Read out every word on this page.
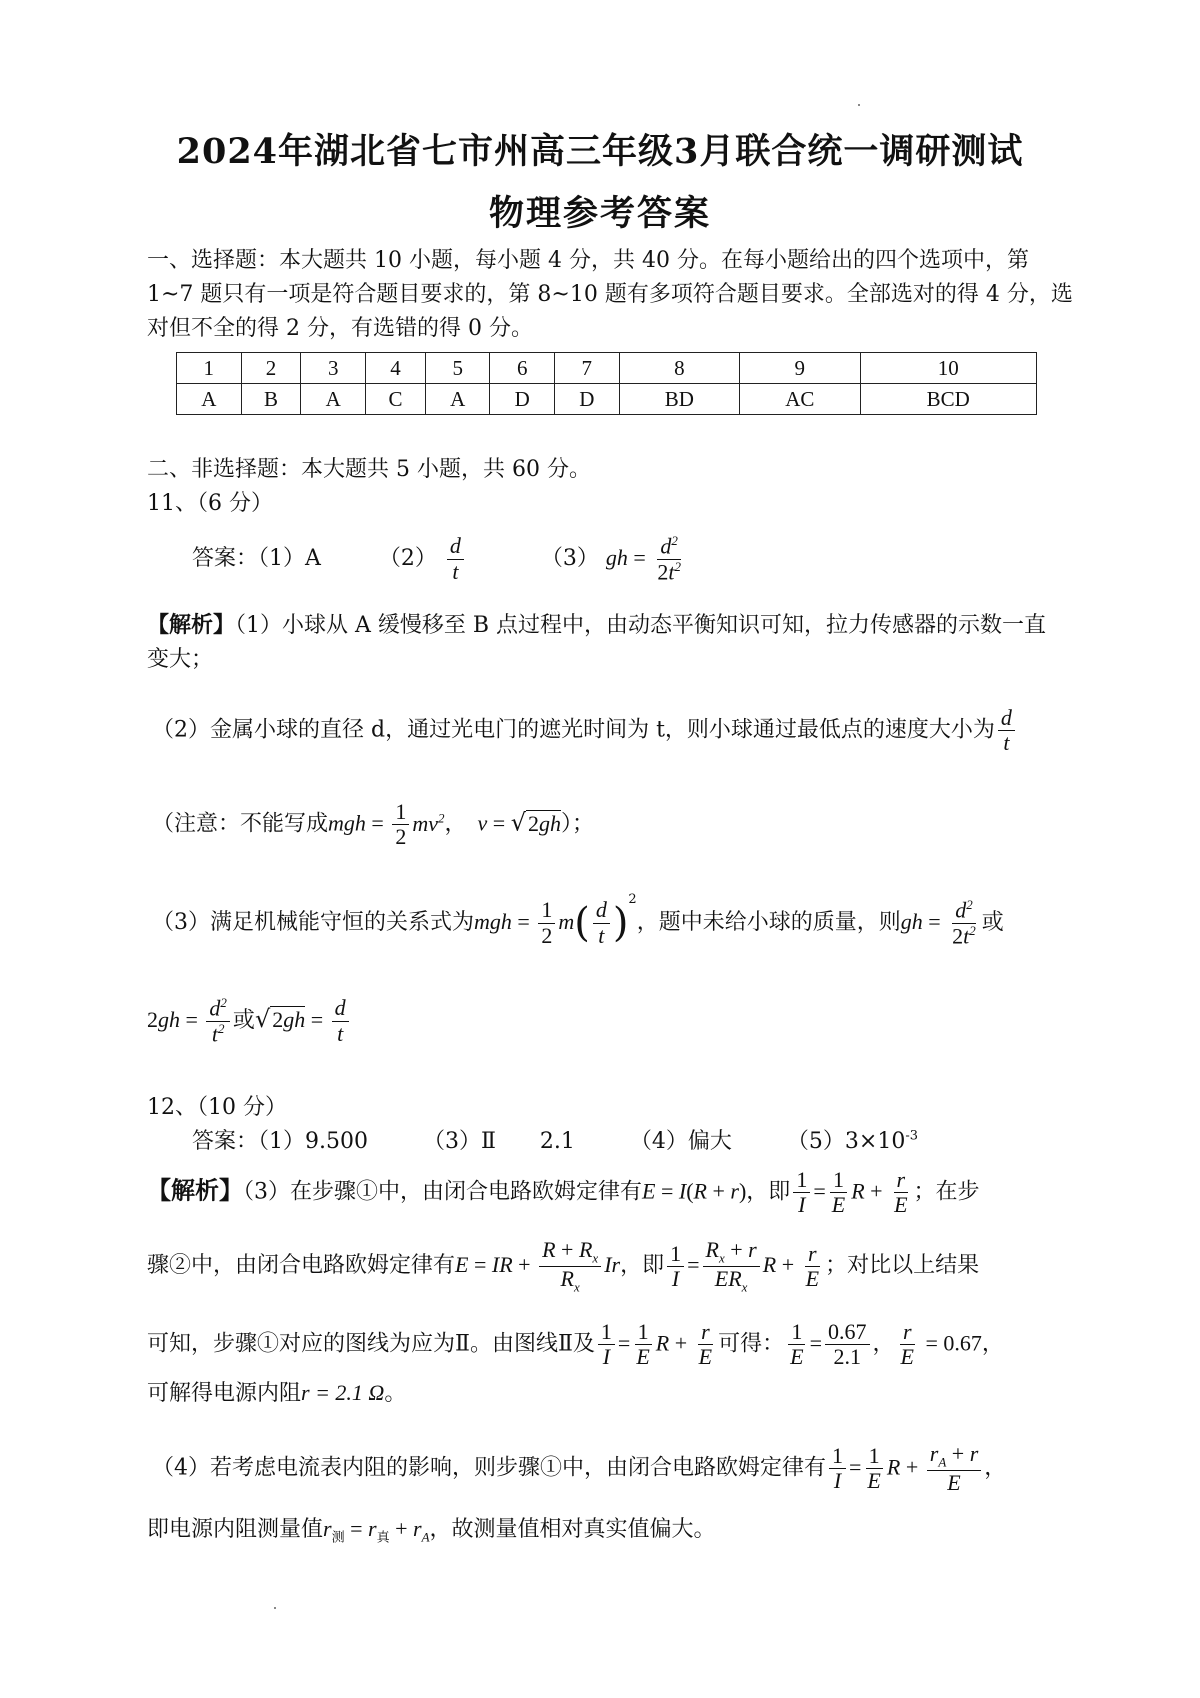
2024年湖北省七市州高三年级3月联合统一调研测试
物理参考答案
一、选择题：本大题共 10 小题，每小题 4 分，共 40 分。在每小题给出的四个选项中，第 1~7 题只有一项是符合题目要求的，第 8~10 题有多项符合题目要求。全部选对的得 4 分，选对但不全的得 2 分，有选错的得 0 分。
1	2	3	4	5	6	7	8	9	10
A	B	A	C	A	D	D	BD	AC	BCD
二、非选择题：本大题共 5 小题，共 60 分。
11、（6 分）
答案：（1）A	$(2) \frac{d}{t}$	（3） gh = $\frac{d^2}{2t^2}$
【解析】（1）小球从 A 缓慢移至 B 点过程中，由动态平衡知识可知，拉力传感器的示数一直变大；
（2）金属小球的直径 d，通过光电门的遮光时间为 t，则小球通过最低点的速度大小为 $\frac{d}{t}$
（注意：不能写成mgh = $\frac{1}{2} mv^2$，　v = √2gh）；
（3）满足机械能守恒的关系式为mgh = $\frac{1}{2} m( \frac{d}{t} )^2$，题中未给小球的质量，则gh = $\frac{d^2}{2t^2}$ 或
$2gh = \frac{d^2}{t^2}$ 或$√2gh = \frac{d}{t}$
12、（10 分）
答案：（1）9.500　　　（3）Ⅱ　　2.1　　　（4）偏大　　　$(5)3\times 10^{-3}$
【解析】（3）在步骤①中，由闭合电路欧姆定律有E = I(R + r)，即 $\frac{1}{I} = \frac{1}{E}$ $R + \frac{r}{E}$ ；在步
骤②中，由闭合电路欧姆定律有E = IR + $\frac{R + R_x}{R_x}$ Ir，即 $\frac{1}{I} = \frac{R_x + r}{ER_x}$ $R + \frac{r}{E}$ ；对比以上结果
可知，步骤①对应的图线为应为Ⅱ。由图线Ⅱ及 $\frac{1}{I} = \frac{1}{E}$ $R + \frac{r}{E}$ 可得： $\frac{1}{E} = \frac{0.67}{2.1}$ ， $\frac{r}{E} = 0.67$，
可解得电源内阻r = 2.1 Ω。
（4）若考虑电流表内阻的影响，则步骤①中，由闭合电路欧姆定律有 $\frac{1}{I} = \frac{1}{E}$ $R + \frac{r_A + r}{E}$ ，
即电源内阻测量值$r_测 = r_真 + r_A$，故测量值相对真实值偏大。
